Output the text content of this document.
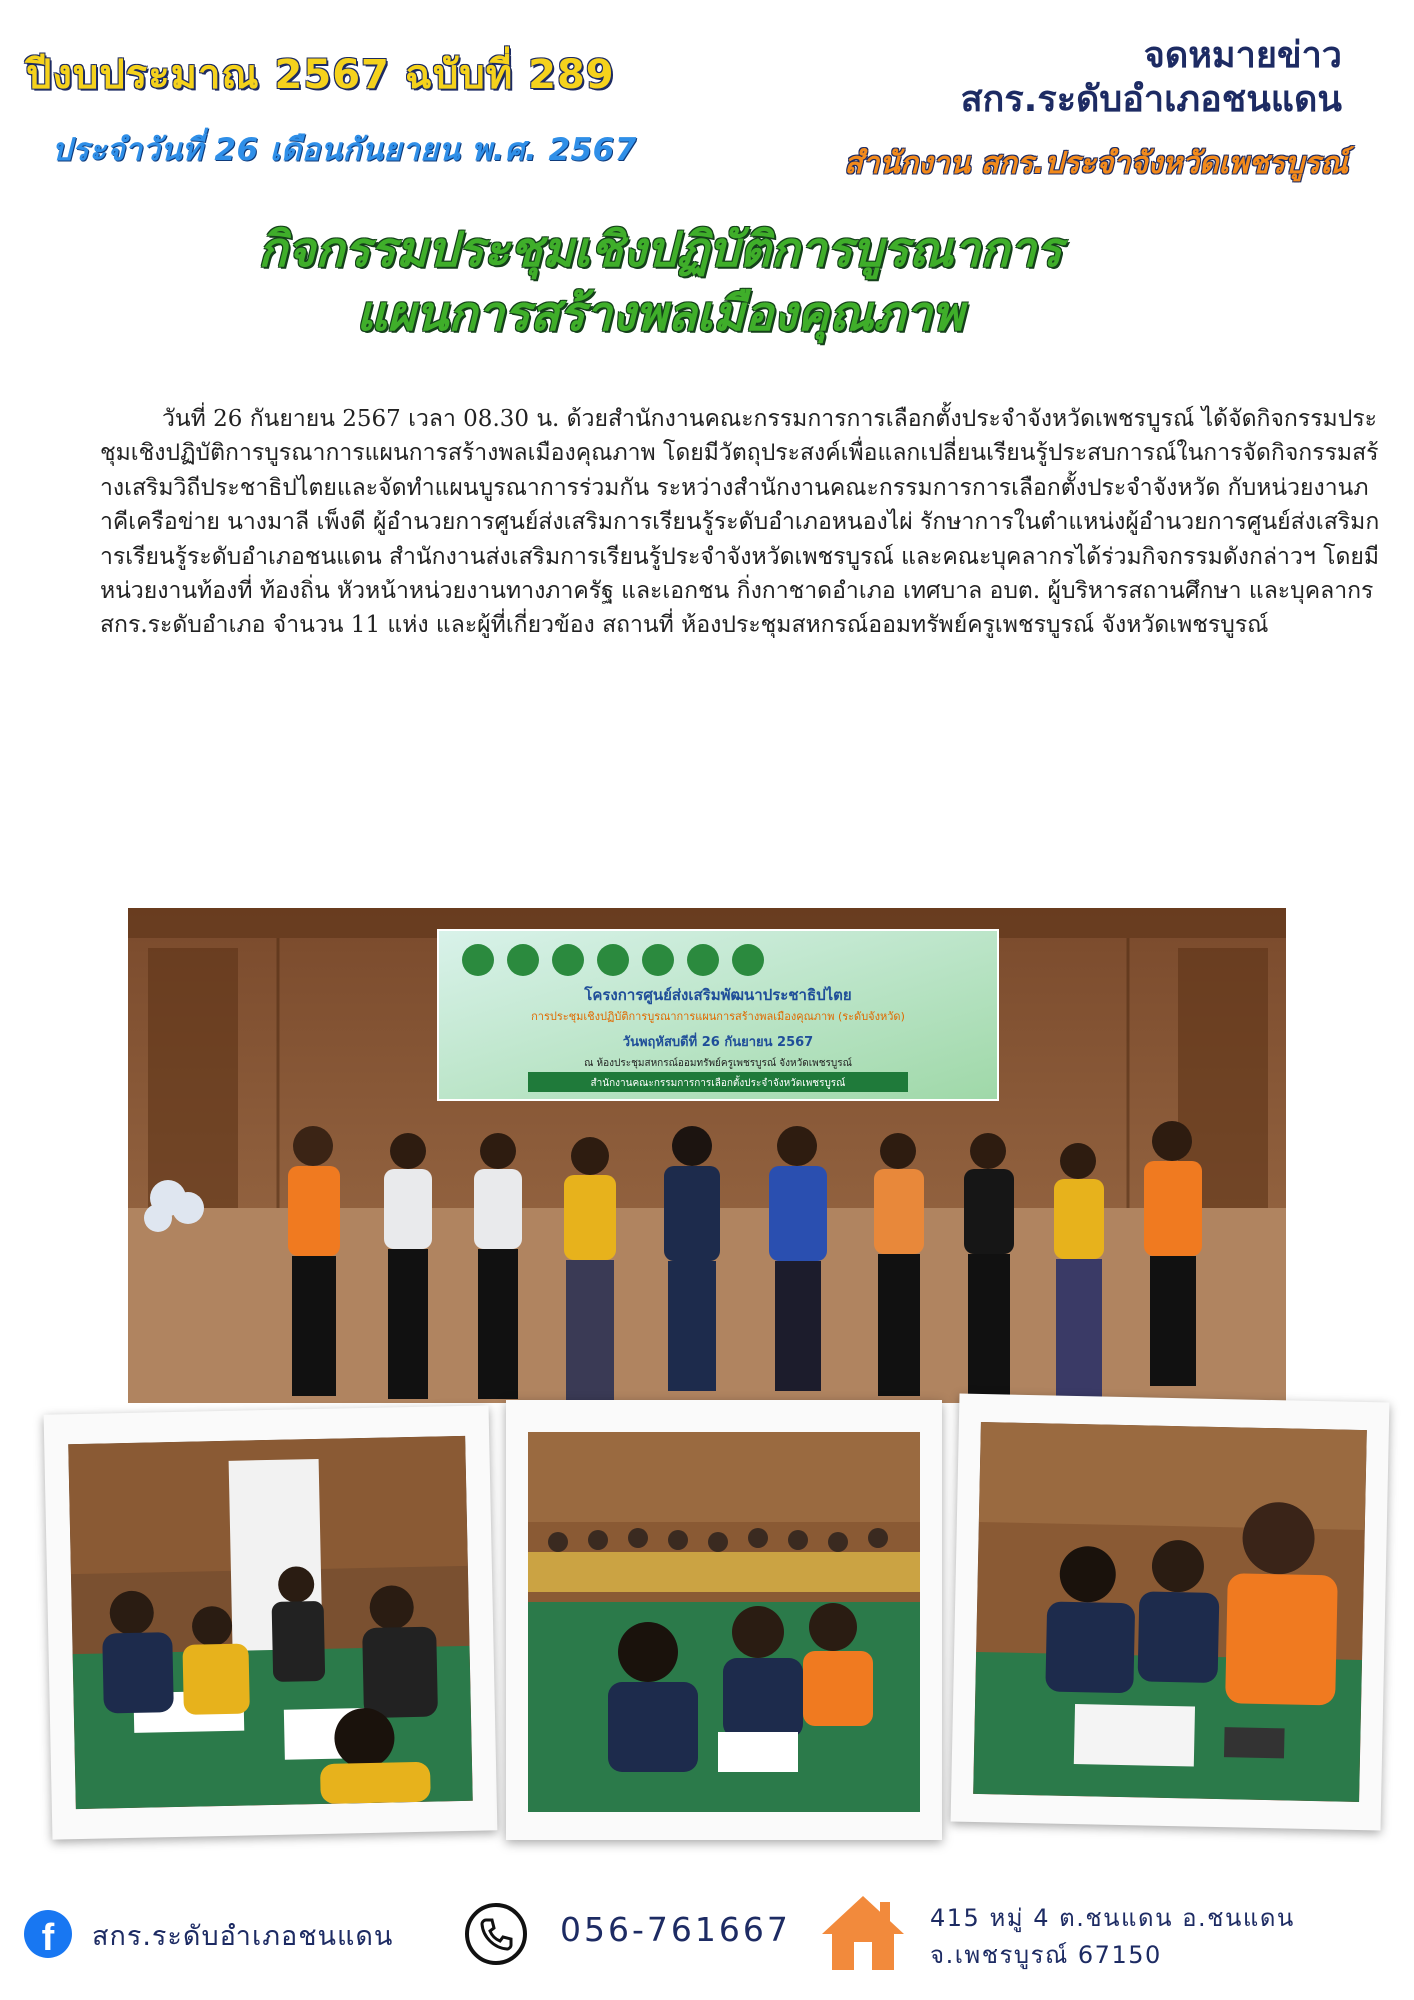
ปีงบประมาณ 2567 ฉบับที่ 289
ประจำวันที่ 26 เดือนกันยายน พ.ศ. 2567
จดหมายข่าว
สกร.ระดับอำเภอชนแดน
สำนักงาน สกร.ประจำจังหวัดเพชรบูรณ์
กิจกรรมประชุมเชิงปฏิบัติการบูรณาการ
แผนการสร้างพลเมืองคุณภาพ
วันที่ 26 กันยายน 2567 เวลา 08.30 น. ด้วยสำนักงานคณะกรรมการการเลือกตั้งประจำจังหวัดเพชรบูรณ์ ได้จัดกิจกรรมประชุมเชิงปฏิบัติการบูรณาการแผนการสร้างพลเมืองคุณภาพ โดยมีวัตถุประสงค์เพื่อแลกเปลี่ยนเรียนรู้ประสบการณ์ในการจัดกิจกรรมสร้างเสริมวิถีประชาธิปไตยและจัดทำแผนบูรณาการร่วมกัน ระหว่างสำนักงานคณะกรรมการการเลือกตั้งประจำจังหวัด กับหน่วยงานภาคีเครือข่าย นางมาลี เพ็งดี ผู้อำนวยการศูนย์ส่งเสริมการเรียนรู้ระดับอำเภอหนองไผ่ รักษาการในตำแหน่งผู้อำนวยการศูนย์ส่งเสริมการเรียนรู้ระดับอำเภอชนแดน สำนักงานส่งเสริมการเรียนรู้ประจำจังหวัดเพชรบูรณ์ และคณะบุคลากรได้ร่วมกิจกรรมดังกล่าวฯ โดยมีหน่วยงานท้องที่ ท้องถิ่น หัวหน้าหน่วยงานทางภาครัฐ และเอกชน กิ่งกาชาดอำเภอ เทศบาล อบต. ผู้บริหารสถานศึกษา และบุคลากร สกร.ระดับอำเภอ จำนวน 11 แห่ง และผู้ที่เกี่ยวข้อง สถานที่ ห้องประชุมสหกรณ์ออมทรัพย์ครูเพชรบูรณ์ จังหวัดเพชรบูรณ์
โครงการศูนย์ส่งเสริมพัฒนาประชาธิปไตย
การประชุมเชิงปฏิบัติการบูรณาการแผนการสร้างพลเมืองคุณภาพ (ระดับจังหวัด)
วันพฤหัสบดีที่ 26 กันยายน 2567
ณ ห้องประชุมสหกรณ์ออมทรัพย์ครูเพชรบูรณ์ จังหวัดเพชรบูรณ์
สำนักงานคณะกรรมการการเลือกตั้งประจำจังหวัดเพชรบูรณ์
f	สกร.ระดับอำเภอชนแดน	056-761667	415 หมู่ 4 ต.ชนแดน อ.ชนแดน
จ.เพชรบูรณ์ 67150
